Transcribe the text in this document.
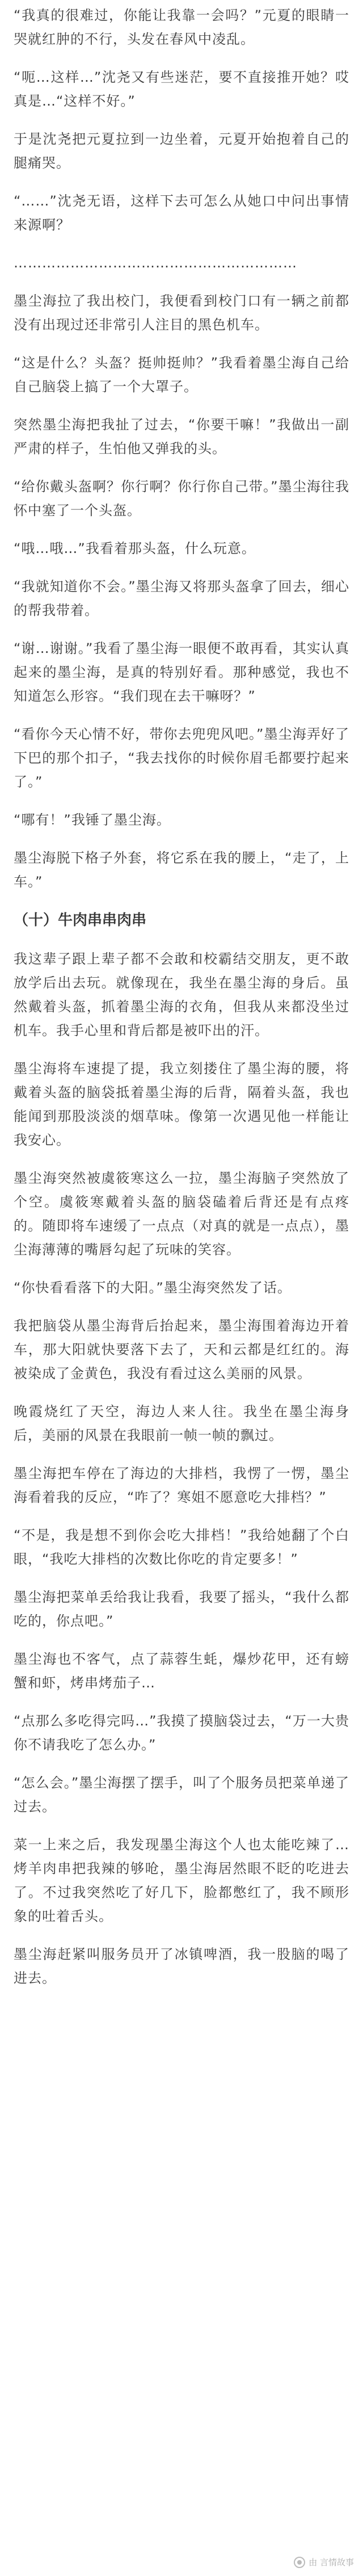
“我真的很难过，你能让我靠一会吗？”元夏的眼睛一哭就红肿的不行，头发在春风中凌乱。

“呃…这样…”沈尧又有些迷茫，要不直接推开她？哎真是…“这样不好。”

于是沈尧把元夏拉到一边坐着，元夏开始抱着自己的腿痛哭。

“……”沈尧无语，这样下去可怎么从她口中问出事情来源啊？

……………………………………………………

墨尘海拉了我出校门，我便看到校门口有一辆之前都没有出现过还非常引人注目的黑色机车。

“这是什么？头盔？挺帅挺帅？”我看着墨尘海自己给自己脑袋上搞了一个大罩子。

突然墨尘海把我扯了过去，“你要干嘛！”我做出一副严肃的样子，生怕他又弹我的头。

“给你戴头盔啊？你行啊？你行你自己带。”墨尘海往我怀中塞了一个头盔。

“哦…哦…”我看着那头盔，什么玩意。

“我就知道你不会。”墨尘海又将那头盔拿了回去，细心的帮我带着。

“谢…谢谢。”我看了墨尘海一眼便不敢再看，其实认真起来的墨尘海，是真的特别好看。那种感觉，我也不知道怎么形容。“我们现在去干嘛呀？”

“看你今天心情不好，带你去兜兜风吧。”墨尘海弄好了下巴的那个扣子，“我去找你的时候你眉毛都要拧起来了。”

“哪有！”我锤了墨尘海。

墨尘海脱下格子外套，将它系在我的腰上，“走了，上车。”

（十）牛肉串串肉串

我这辈子跟上辈子都不会敢和校霸结交朋友，更不敢放学后出去玩。就像现在，我坐在墨尘海的身后。虽然戴着头盔，抓着墨尘海的衣角，但我从来都没坐过机车。我手心里和背后都是被吓出的汗。

墨尘海将车速提了提，我立刻搂住了墨尘海的腰，将戴着头盔的脑袋抵着墨尘海的后背，隔着头盔，我也能闻到那股淡淡的烟草味。像第一次遇见他一样能让我安心。

墨尘海突然被虞筱寒这么一拉，墨尘海脑子突然放了个空。虞筱寒戴着头盔的脑袋磕着后背还是有点疼的。随即将车速缓了一点点（对真的就是一点点），墨尘海薄薄的嘴唇勾起了玩味的笑容。

“你快看看落下的大阳。”墨尘海突然发了话。

我把脑袋从墨尘海背后抬起来，墨尘海围着海边开着车，那大阳就快要落下去了，天和云都是红红的。海被染成了金黄色，我没有看过这么美丽的风景。

晚霞烧红了天空，海边人来人往。我坐在墨尘海身后，美丽的风景在我眼前一帧一帧的飘过。

墨尘海把车停在了海边的大排档，我愣了一愣，墨尘海看着我的反应，“咋了？寒姐不愿意吃大排档？”

“不是，我是想不到你会吃大排档！”我给她翻了个白眼，“我吃大排档的次数比你吃的肯定要多！”

墨尘海把菜单丢给我让我看，我要了摇头，“我什么都吃的，你点吧。”

墨尘海也不客气，点了蒜蓉生蚝，爆炒花甲，还有螃蟹和虾，烤串烤茄子…

“点那么多吃得完吗…”我摸了摸脑袋过去，“万一大贵你不请我吃了怎么办。”

“怎么会。”墨尘海摆了摆手，叫了个服务员把菜单递了过去。

菜一上来之后，我发现墨尘海这个人也太能吃辣了…烤羊肉串把我辣的够呛，墨尘海居然眼不眨的吃进去了。不过我突然吃了好几下，脸都憋红了，我不顾形象的吐着舌头。

墨尘海赶紧叫服务员开了冰镇啤酒，我一股脑的喝了进去。

由 言情故事
